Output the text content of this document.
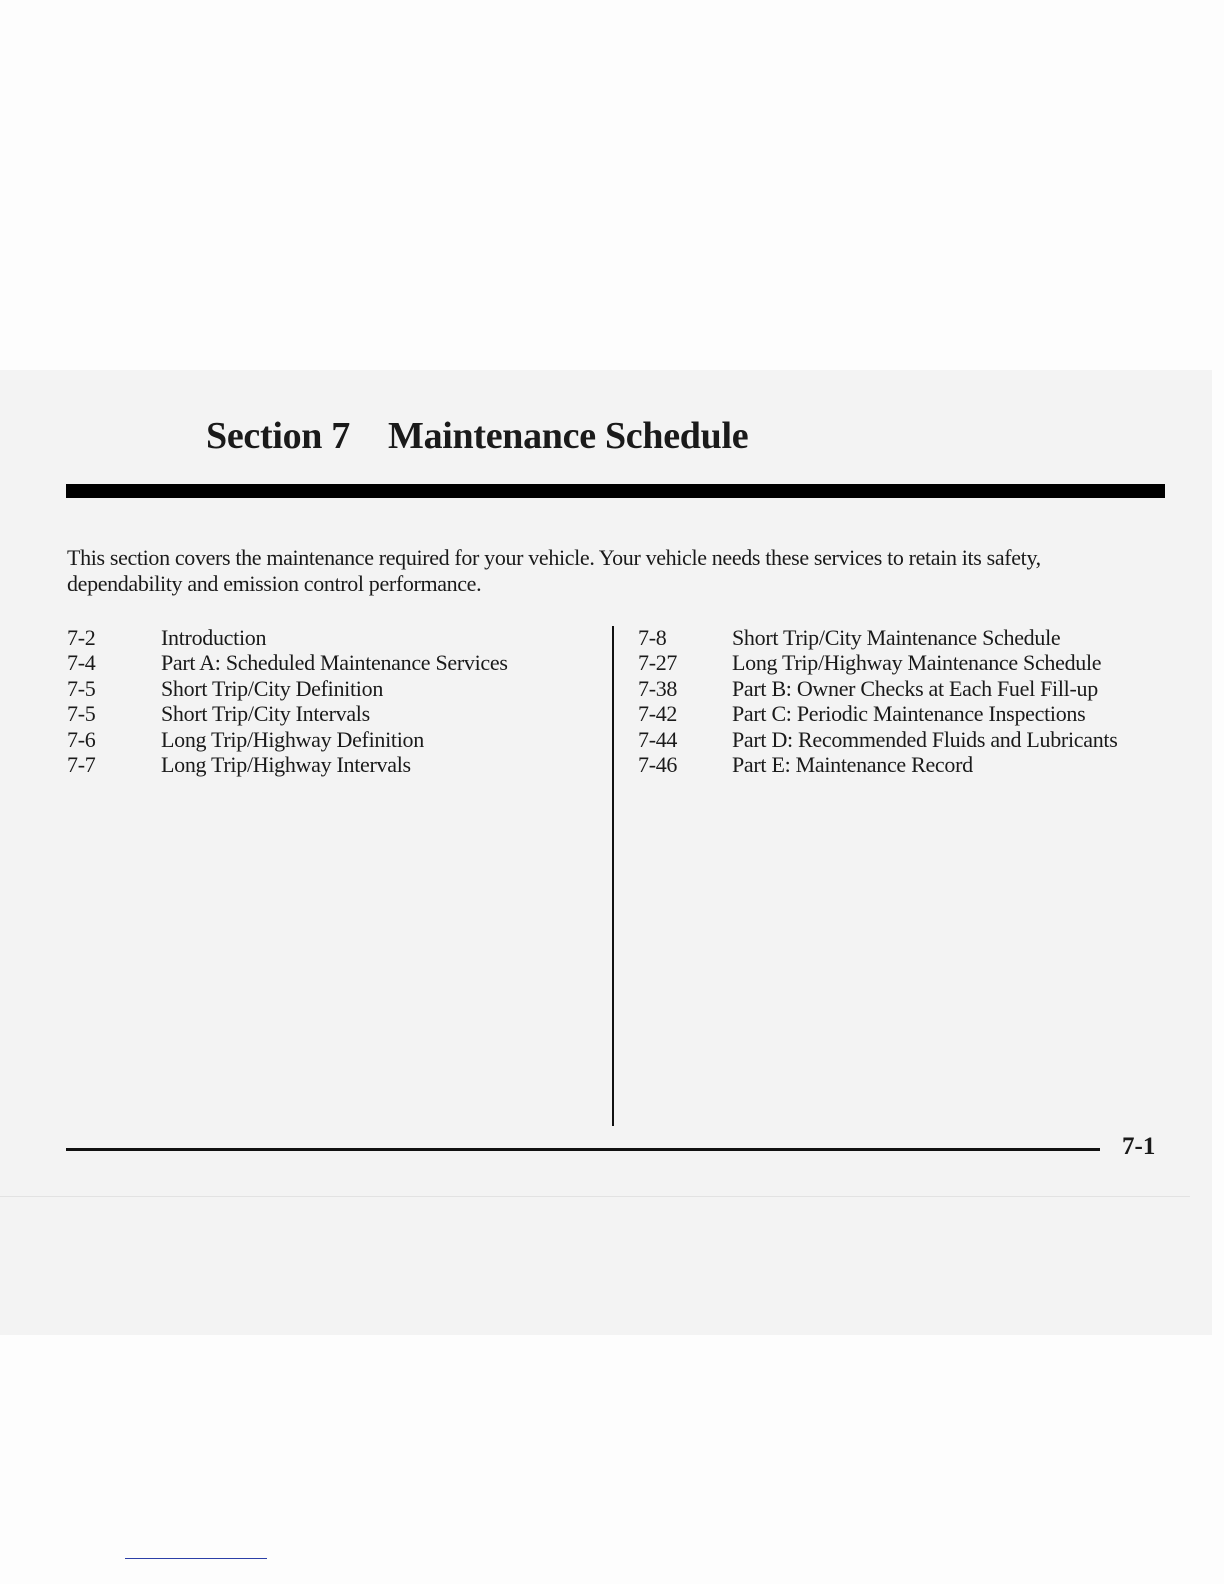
Section 7 Maintenance Schedule

This section covers the maintenance required for your vehicle. Your vehicle needs these services to retain its safety, dependability and emission control performance.

7-2	Introduction
7-4	Part A: Scheduled Maintenance Services
7-5	Short Trip/City Definition
7-5	Short Trip/City Intervals
7-6	Long Trip/Highway Definition
7-7	Long Trip/Highway Intervals
7-8	Short Trip/City Maintenance Schedule
7-27	Long Trip/Highway Maintenance Schedule
7-38	Part B: Owner Checks at Each Fuel Fill-up
7-42	Part C: Periodic Maintenance Inspections
7-44	Part D: Recommended Fluids and Lubricants
7-46	Part E: Maintenance Record
7-1
